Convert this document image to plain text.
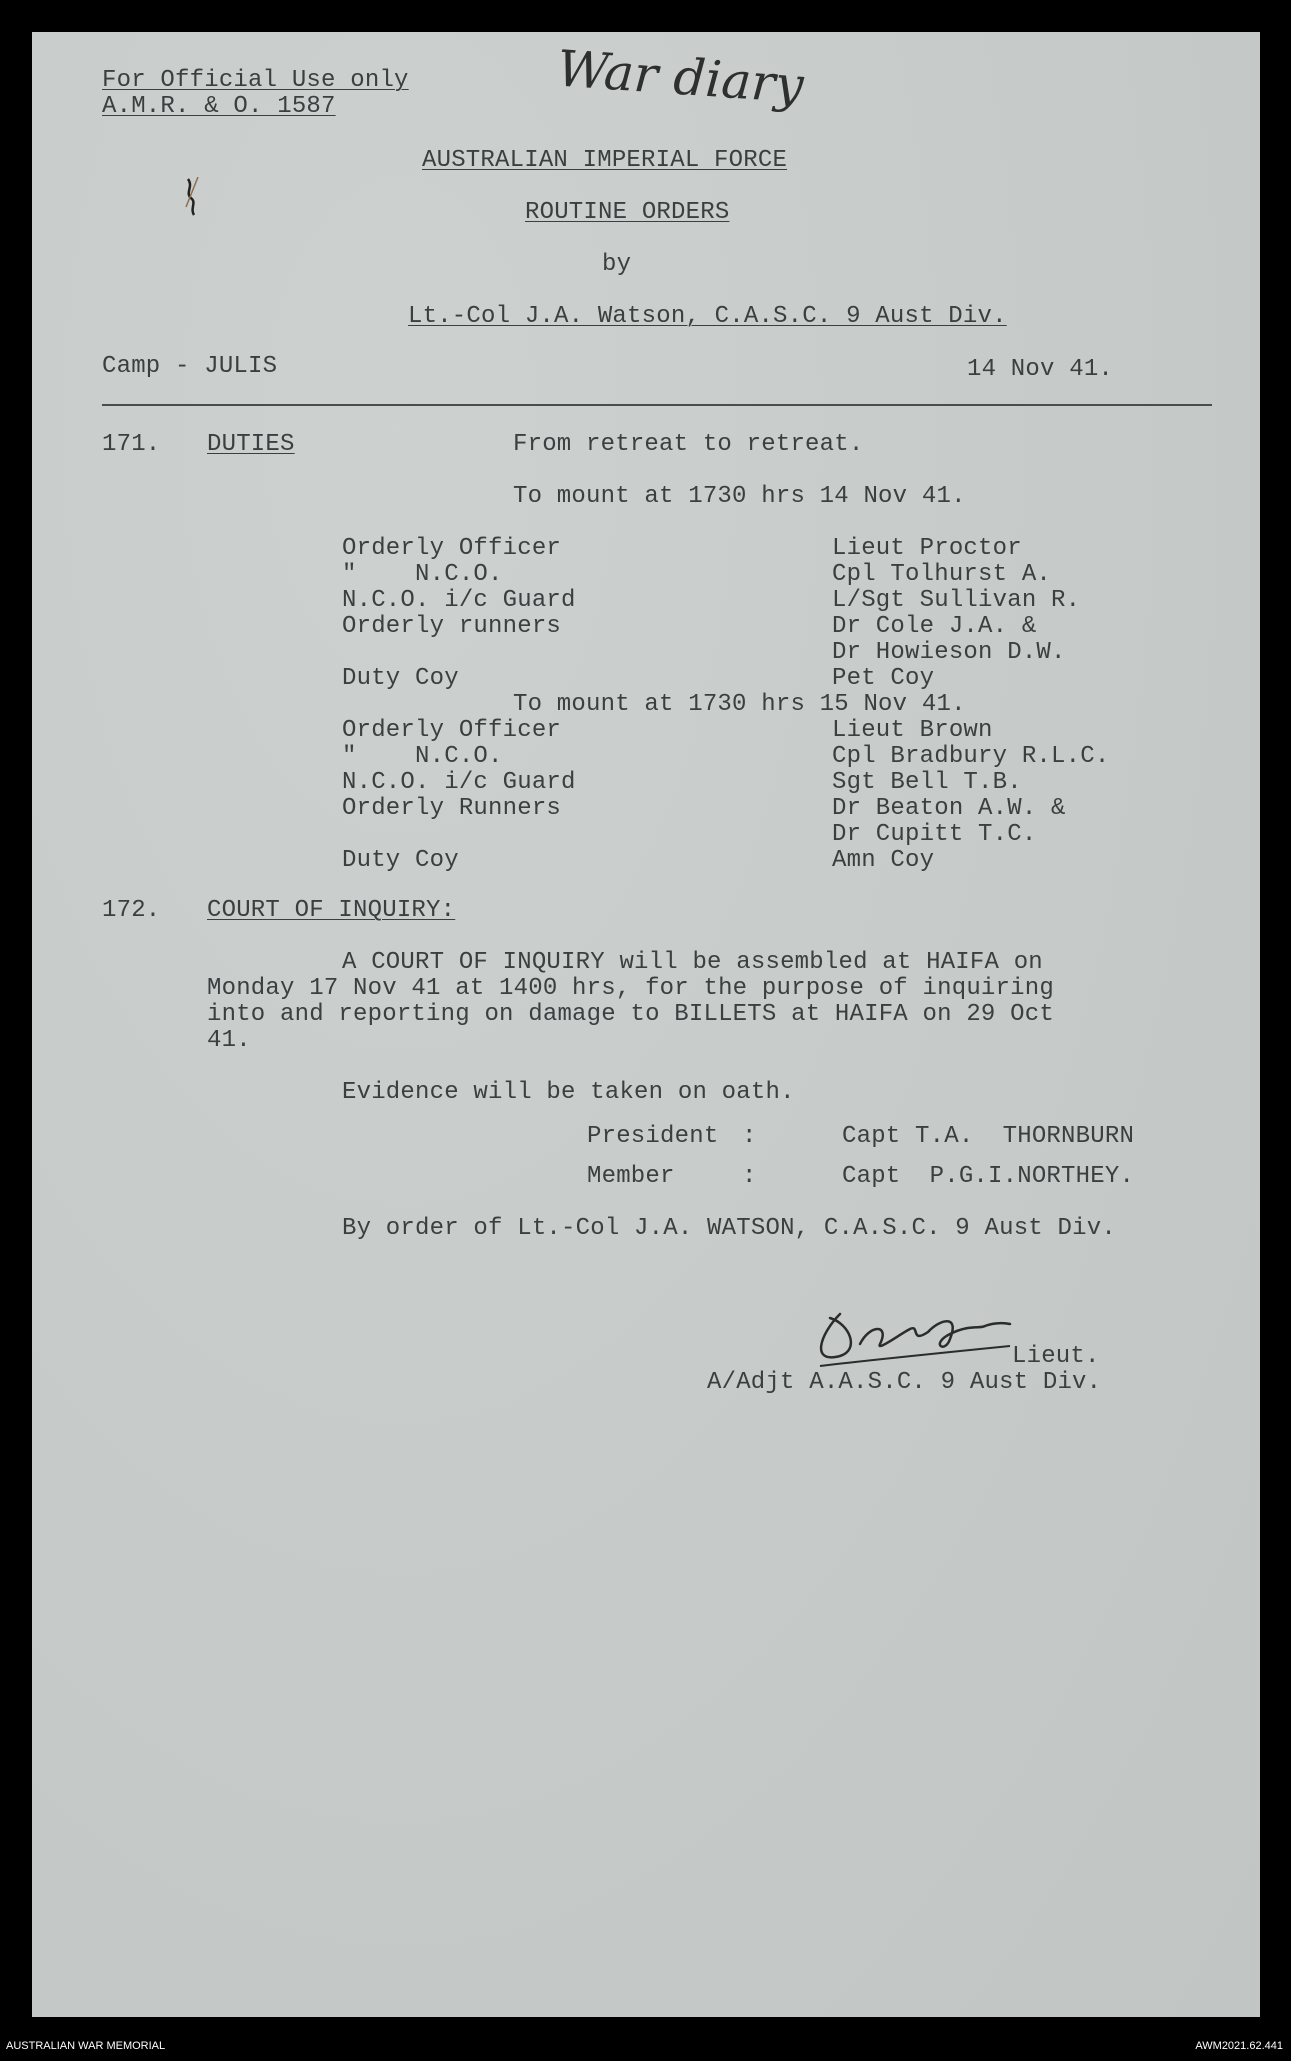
War diary
For Official Use only
A.M.R. & O. 1587
AUSTRALIAN IMPERIAL FORCE
ROUTINE ORDERS
by
Lt.-Col J.A. Watson, C.A.S.C. 9 Aust Div.
Camp - JULIS	14 Nov 41.
171. DUTIES	From retreat to retreat.
To mount at 1730 hrs 14 Nov 41.
Orderly Officer	Lieut Proctor
"    N.C.O.	Cpl Tolhurst A.
N.C.O. i/c Guard	L/Sgt Sullivan R.
Orderly runners	Dr Cole J.A. &
Dr Howieson D.W.
Duty Coy	Pet Coy
To mount at 1730 hrs 15 Nov 41.
Orderly Officer	Lieut Brown
"    N.C.O.	Cpl Bradbury R.L.C.
N.C.O. i/c Guard	Sgt Bell T.B.
Orderly Runners	Dr Beaton A.W. &
Dr Cupitt T.C.
Duty Coy	Amn Coy
172. COURT OF INQUIRY:
A COURT OF INQUIRY will be assembled at HAIFA on
Monday 17 Nov 41 at 1400 hrs, for the purpose of inquiring
into and reporting on damage to BILLETS at HAIFA on 29 Oct
41.
Evidence will be taken on oath.
President :	Capt T.A.  THORNBURN
Member	:	Capt  P.G.I.NORTHEY.
By order of Lt.-Col J.A. WATSON, C.A.S.C. 9 Aust Div.
Lieut.
A/Adjt A.A.S.C. 9 Aust Div.
AUSTRALIAN WAR MEMORIAL	AWM2021.62.441
